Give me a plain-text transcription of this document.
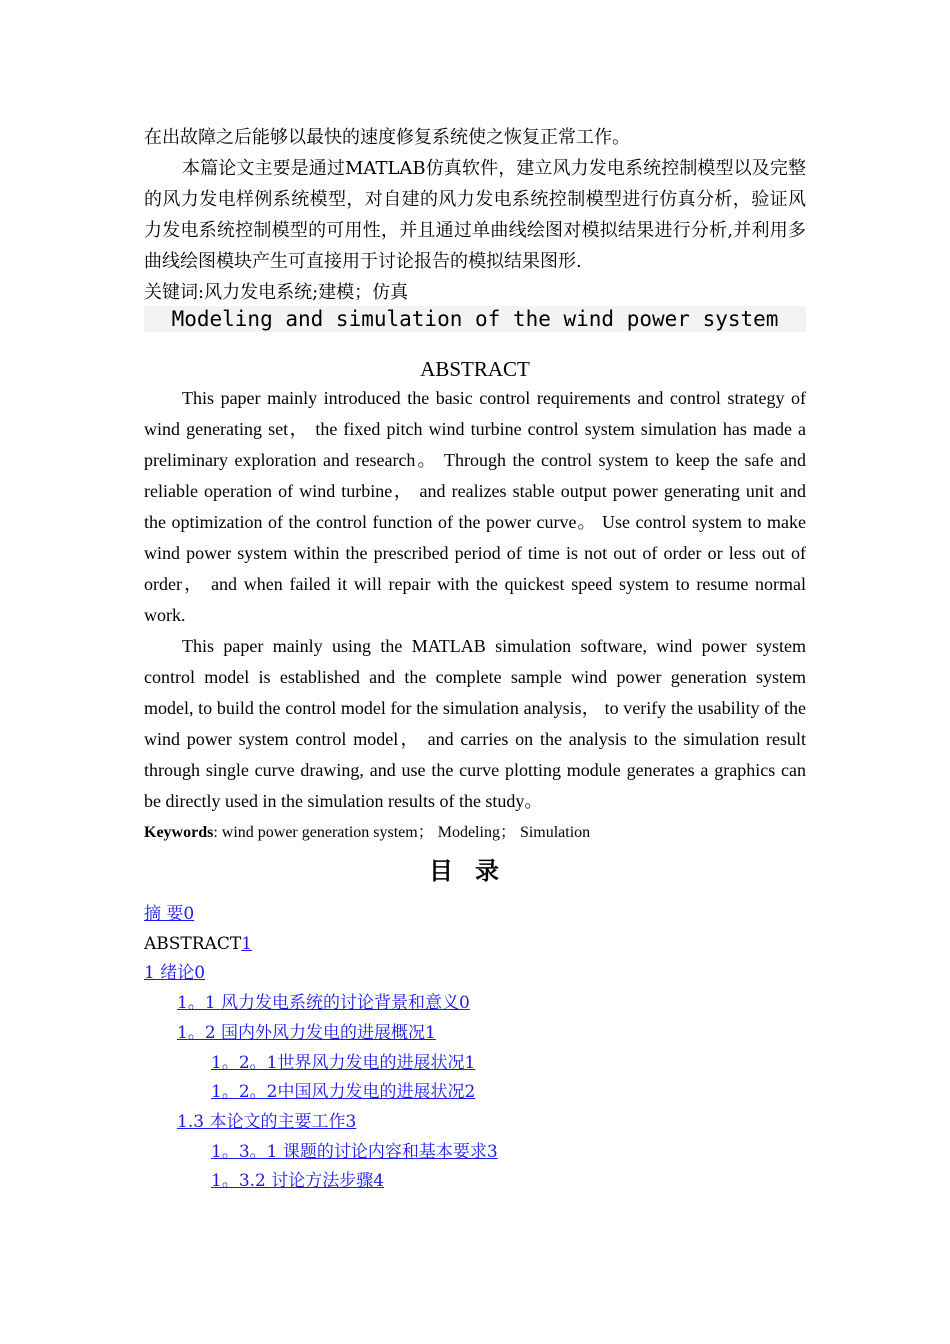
在出故障之后能够以最快的速度修复系统使之恢复正常工作。

本篇论文主要是通过MATLAB仿真软件，建立风力发电系统控制模型以及完整的风力发电样例系统模型，对自建的风力发电系统控制模型进行仿真分析，验证风力发电系统控制模型的可用性，并且通过单曲线绘图对模拟结果进行分析,并利用多曲线绘图模块产生可直接用于讨论报告的模拟结果图形.

关键词:风力发电系统;建模；仿真

Modeling and simulation of the wind power system
ABSTRACT

This paper mainly introduced the basic control requirements and control strategy of wind generating set， the fixed pitch wind turbine control system simulation has made a preliminary exploration and research。 Through the control system to keep the safe and reliable operation of wind turbine， and realizes stable output power generating unit and the optimization of the control function of the power curve。 Use control system to make wind power system within the prescribed period of time is not out of order or less out of order， and when failed it will repair with the quickest speed system to resume normal work.

This paper mainly using the MATLAB simulation software, wind power system control model is established and the complete sample wind power generation system model, to build the control model for the simulation analysis， to verify the usability of the wind power system control model， and carries on the analysis to the simulation result through single curve drawing, and use the curve plotting module generates a graphics can be directly used in the simulation results of the study。

Keywords: wind power generation system； Modeling； Simulation
目录
摘 要0
ABSTRACT1
1 绪论0
1。1 风力发电系统的讨论背景和意义0
1。2 国内外风力发电的进展概况1
1。2。1世界风力发电的进展状况1
1。2。2中国风力发电的进展状况2
1.3 本论文的主要工作3
1。3。1 课题的讨论内容和基本要求3
1。3.2 讨论方法步骤4
